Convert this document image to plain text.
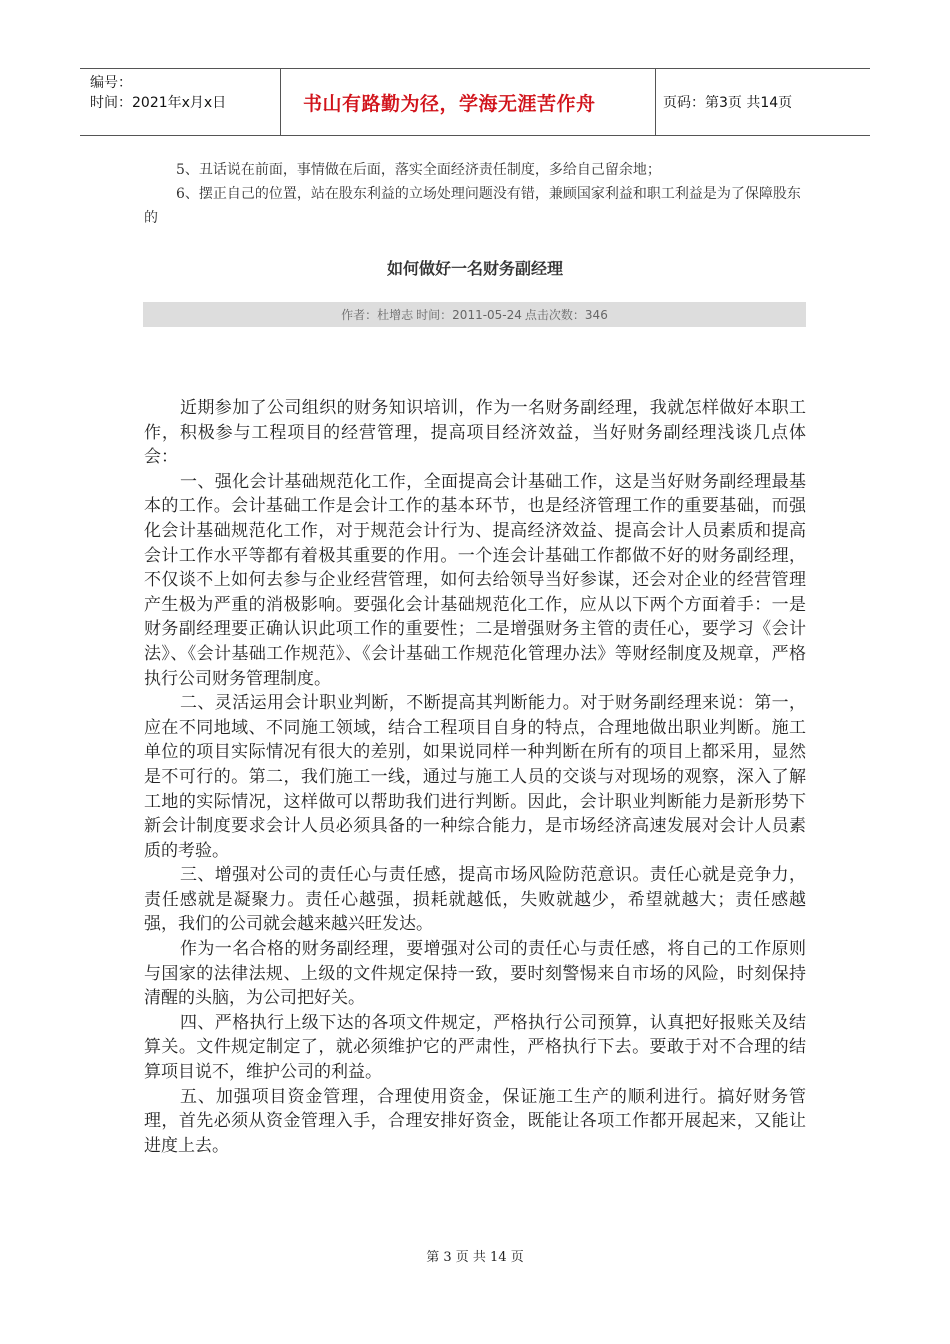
编号：
时间：2021年x月x日	书山有路勤为径，学海无涯苦作舟	页码：第3页 共14页

5、丑话说在前面，事情做在后面，落实全面经济责任制度，多给自己留余地；

6、摆正自己的位置，站在股东利益的立场处理问题没有错，兼顾国家利益和职工利益是为了保障股东的

如何做好一名财务副经理
作者：杜增志 时间：2011-05-24 点击次数：346

近期参加了公司组织的财务知识培训，作为一名财务副经理，我就怎样做好本职工作，积极参与工程项目的经营管理，提高项目经济效益，当好财务副经理浅谈几点体会：

一、强化会计基础规范化工作，全面提高会计基础工作，这是当好财务副经理最基本的工作。会计基础工作是会计工作的基本环节，也是经济管理工作的重要基础，而强化会计基础规范化工作，对于规范会计行为、提高经济效益、提高会计人员素质和提高会计工作水平等都有着极其重要的作用。一个连会计基础工作都做不好的财务副经理，不仅谈不上如何去参与企业经营管理，如何去给领导当好参谋，还会对企业的经营管理产生极为严重的消极影响。要强化会计基础规范化工作，应从以下两个方面着手：一是财务副经理要正确认识此项工作的重要性；二是增强财务主管的责任心，要学习《会计法》、《会计基础工作规范》、《会计基础工作规范化管理办法》等财经制度及规章，严格执行公司财务管理制度。

二、灵活运用会计职业判断，不断提高其判断能力。对于财务副经理来说：第一，应在不同地域、不同施工领域，结合工程项目自身的特点，合理地做出职业判断。施工单位的项目实际情况有很大的差别，如果说同样一种判断在所有的项目上都采用，显然是不可行的。第二，我们施工一线，通过与施工人员的交谈与对现场的观察，深入了解工地的实际情况，这样做可以帮助我们进行判断。因此，会计职业判断能力是新形势下新会计制度要求会计人员必须具备的一种综合能力，是市场经济高速发展对会计人员素质的考验。

三、增强对公司的责任心与责任感，提高市场风险防范意识。责任心就是竞争力，责任感就是凝聚力。责任心越强，损耗就越低，失败就越少，希望就越大；责任感越强，我们的公司就会越来越兴旺发达。

作为一名合格的财务副经理，要增强对公司的责任心与责任感，将自己的工作原则与国家的法律法规、上级的文件规定保持一致，要时刻警惕来自市场的风险，时刻保持清醒的头脑，为公司把好关。

四、严格执行上级下达的各项文件规定，严格执行公司预算，认真把好报账关及结算关。文件规定制定了，就必须维护它的严肃性，严格执行下去。要敢于对不合理的结算项目说不，维护公司的利益。

五、加强项目资金管理，合理使用资金，保证施工生产的顺利进行。搞好财务管理，首先必须从资金管理入手，合理安排好资金，既能让各项工作都开展起来，又能让进度上去。

第 3 页 共 14 页
